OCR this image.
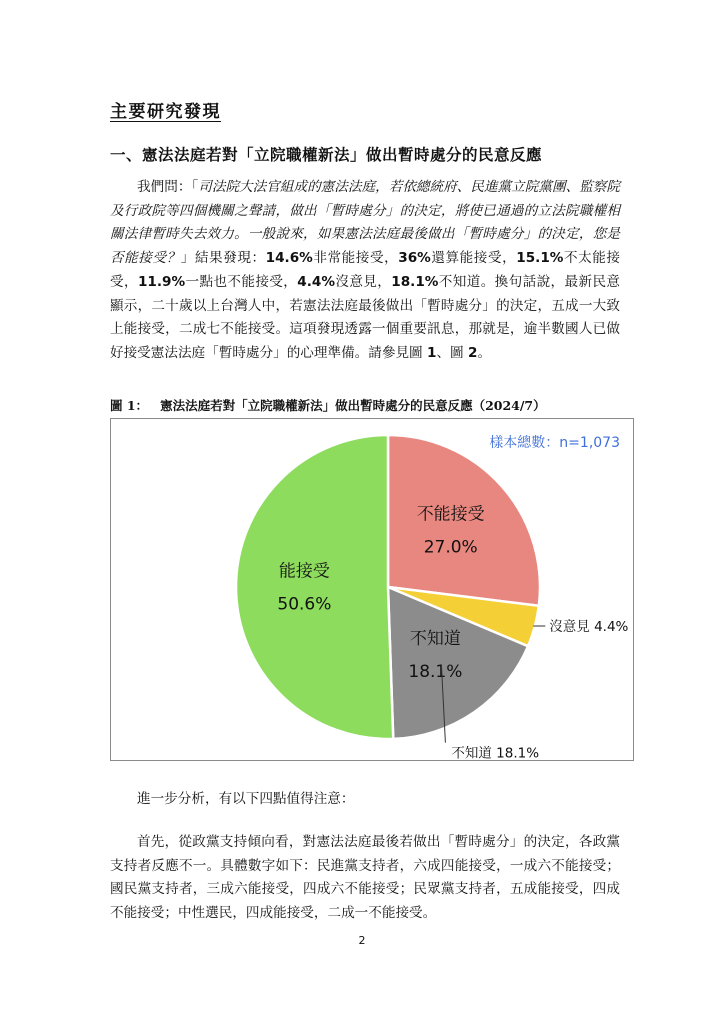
主要研究發現
一、憲法法庭若對「立院職權新法」做出暫時處分的民意反應

我們問：「司法院大法官組成的憲法法庭，若依總統府、民進黨立院黨團、監察院及行政院等四個機關之聲請，做出「暫時處分」的決定，將使已通過的立法院職權相關法律暫時失去效力。一般說來，如果憲法法庭最後做出「暫時處分」的決定，您是否能接受？」結果發現：14.6%非常能接受，36%還算能接受，15.1%不太能接受，11.9%一點也不能接受，4.4%沒意見，18.1%不知道。換句話說，最新民意顯示，二十歲以上台灣人中，若憲法法庭最後做出「暫時處分」的決定，五成一大致上能接受，二成七不能接受。這項發現透露一個重要訊息，那就是，逾半數國人已做好接受憲法法庭「暫時處分」的心理準備。請參見圖 1、圖 2。

圖 1： 憲法法庭若對「立院職權新法」做出暫時處分的民意反應（2024/7）
樣本總數：n=1,073
不能接受
27.0%
不知道
18.1%
能接受
50.6%
沒意見 4.4%
不知道 18.1%

進一步分析，有以下四點值得注意：

首先，從政黨支持傾向看，對憲法法庭最後若做出「暫時處分」的決定，各政黨支持者反應不一。具體數字如下：民進黨支持者，六成四能接受，一成六不能接受；國民黨支持者，三成六能接受，四成六不能接受；民眾黨支持者，五成能接受，四成不能接受；中性選民，四成能接受，二成一不能接受。

2
